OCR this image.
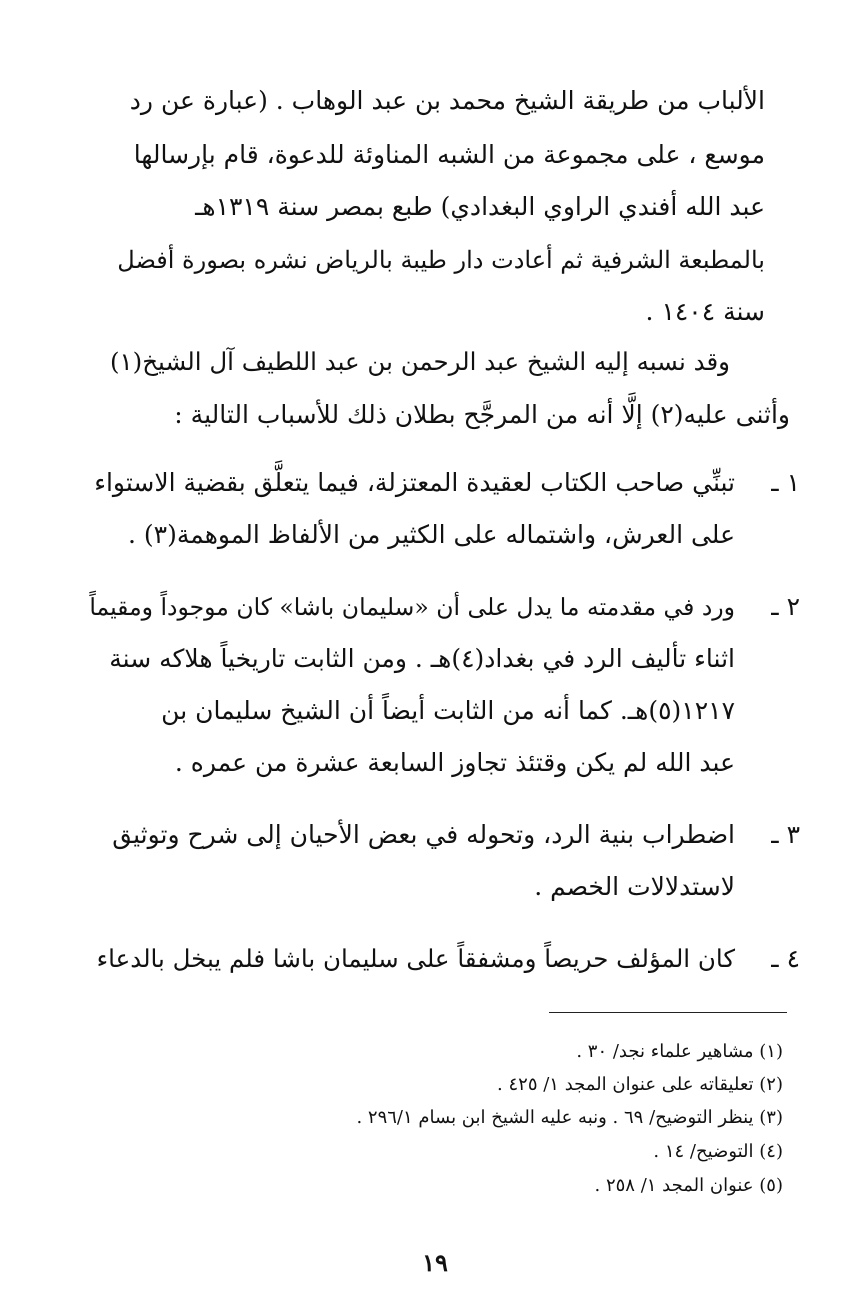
الألباب من طريقة الشيخ محمد بن عبد الوهاب . (عبارة عن رد
موسع ، على مجموعة من الشبه المناوئة للدعوة، قام بإرسالها
عبد الله أفندي الراوي البغدادي) طبع بمصر سنة ١٣١٩هـ
بالمطبعة الشرفية ثم أعادت دار طيبة بالرياض نشره بصورة أفضل
سنة ١٤٠٤ .
وقد نسبه إليه الشيخ عبد الرحمن بن عبد اللطيف آل الشيخ(١)
وأثنى عليه(٢) إلَّا أنه من المرجَّح بطلان ذلك للأسباب التالية :
١ ـ
تبنِّي صاحب الكتاب لعقيدة المعتزلة، فيما يتعلَّق بقضية الاستواء
على العرش، واشتماله على الكثير من الألفاظ الموهمة(٣) .
٢ ـ
ورد في مقدمته ما يدل على أن «سليمان باشا» كان موجوداً ومقيماً
اثناء تأليف الرد في بغداد(٤)هـ . ومن الثابت تاريخياً هلاكه سنة
١٢١٧(٥)هـ. كما أنه من الثابت أيضاً أن الشيخ سليمان بن
عبد الله لم يكن وقتئذ تجاوز السابعة عشرة من عمره .
٣ ـ
اضطراب بنية الرد، وتحوله في بعض الأحيان إلى شرح وتوثيق
لاستدلالات الخصم .
٤ ـ
كان المؤلف حريصاً ومشفقاً على سليمان باشا فلم يبخل بالدعاء
(١) مشاهير علماء نجد/ ٣٠ .
(٢) تعليقاته على عنوان المجد ١/ ٤٢٥ .
(٣) ينظر التوضيح/ ٦٩ . ونبه عليه الشيخ ابن بسام ٢٩٦/١ .
(٤) التوضيح/ ١٤ .
(٥) عنوان المجد ١/ ٢٥٨ .
١٩
